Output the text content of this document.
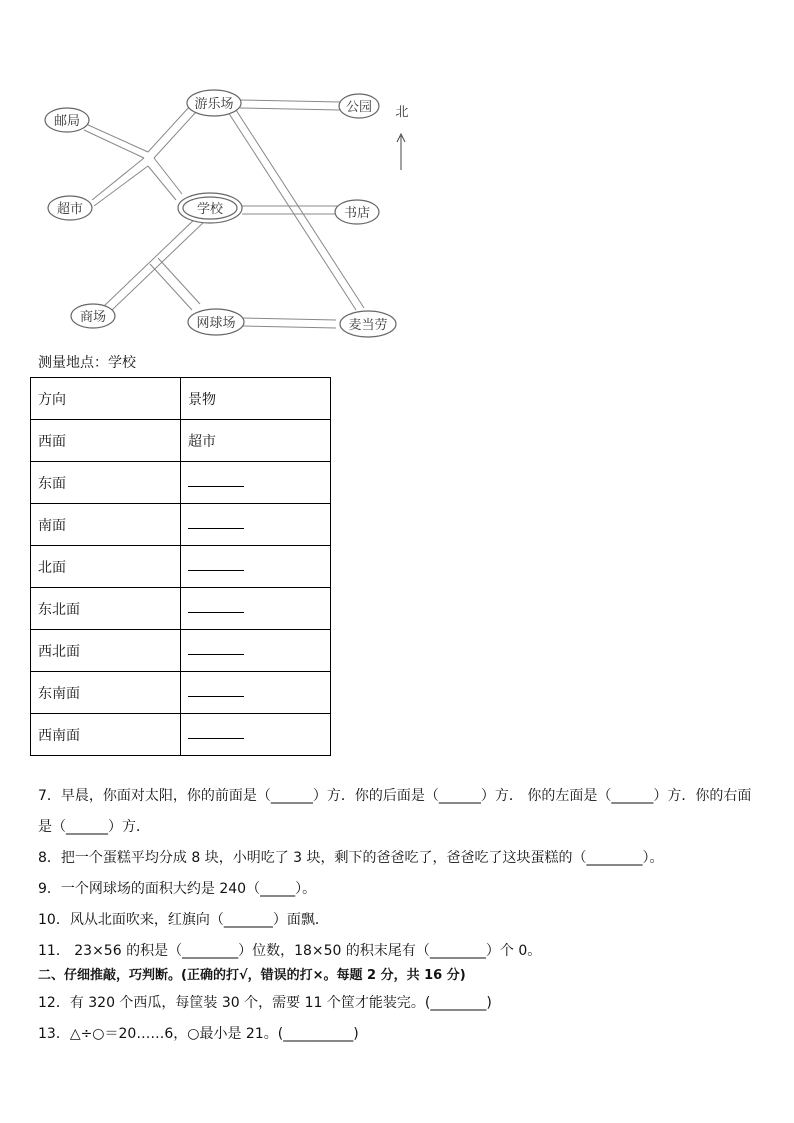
邮局
游乐场	公园
超市	学校	书店
商场	网球场	麦当劳
北
测量地点：学校
方向	景物
西面	超市
东面	
南面	
北面	
东北面	
西北面	
东南面	
西南面	
7．早晨，你面对太阳，你的前面是（______）方．你的后面是（______）方． 你的左面是（______）方．你的右面
是（______）方．
8．把一个蛋糕平均分成 8 块，小明吃了 3 块，剩下的爸爸吃了，爸爸吃了这块蛋糕的（________）。
9．一个网球场的面积大约是 240（_____）。
10．风从北面吹来，红旗向（_______）面飘．
11． 23×56 的积是（________）位数，18×50 的积末尾有（________）个 0。
二、仔细推敲，巧判断。(正确的打√，错误的打×。每题 2 分，共 16 分)
12．有 320 个西瓜，每筐装 30 个，需要 11 个筐才能装完。(________)
13．△÷○＝20……6，○最小是 21。(__________)
